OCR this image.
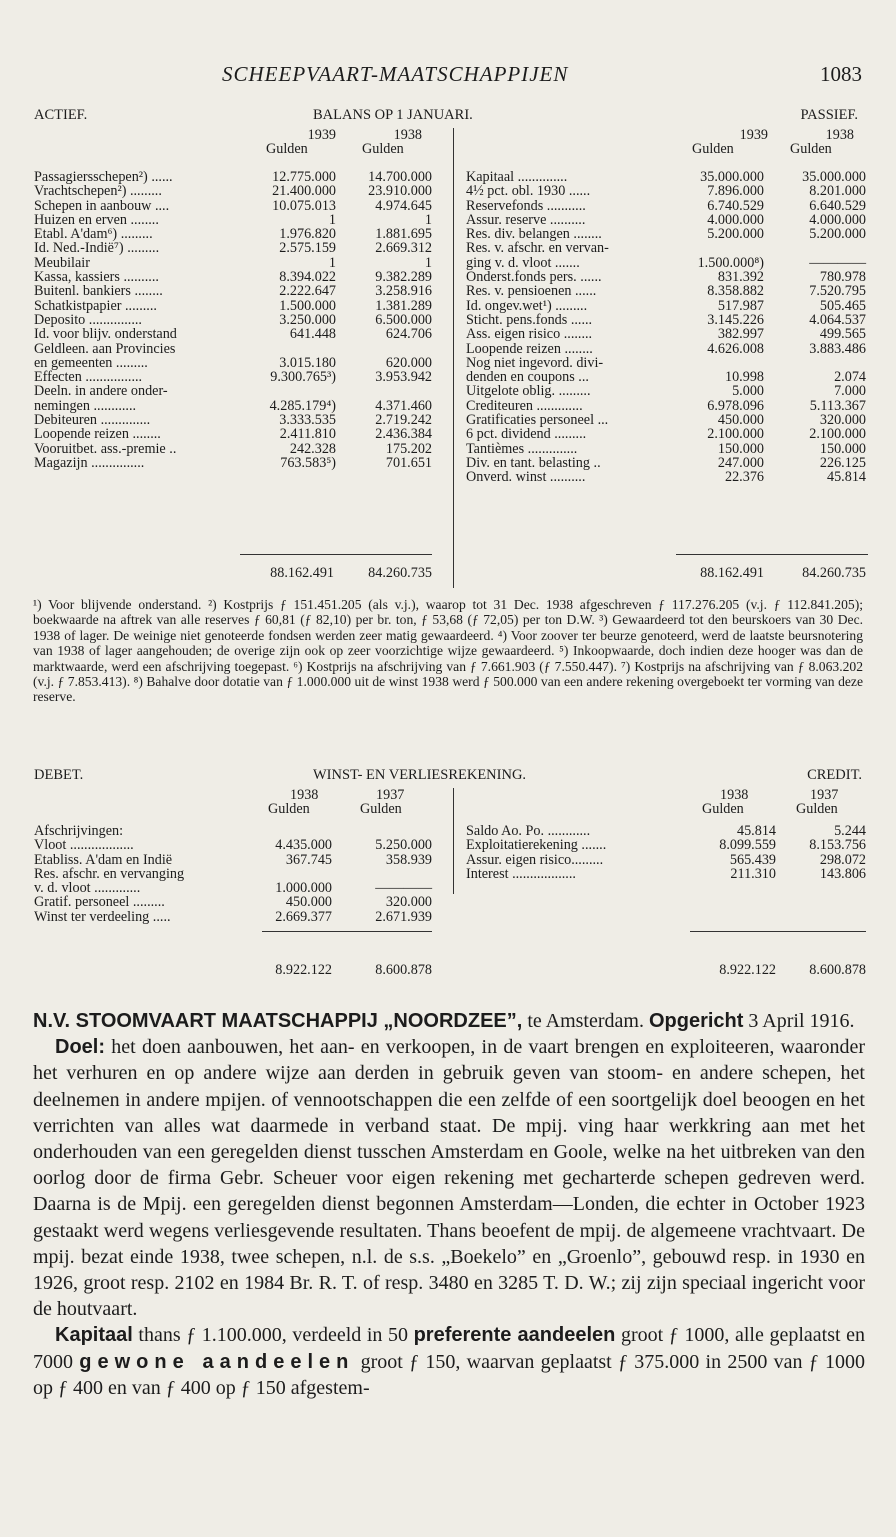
SCHEEPVAART-MAATSCHAPPIJEN	1083
ACTIEF.	BALANS OP 1 JANUARI.	PASSIEF.
1939	1938
Gulden	Gulden
1939	1938
Gulden	Gulden
Passagiersschepen²) ......	12.775.000	14.700.000
Vrachtschepen²) .........	21.400.000	23.910.000
Schepen in aanbouw ....	10.075.013	4.974.645
Huizen en erven ........	1	1
Etabl. A'dam⁶) .........	1.976.820	1.881.695
Id. Ned.-Indië⁷) .........	2.575.159	2.669.312
Meubilair	1	1
Kassa, kassiers ..........	8.394.022	9.382.289
Buitenl. bankiers ........	2.222.647	3.258.916
Schatkistpapier .........	1.500.000	1.381.289
Deposito ...............	3.250.000	6.500.000
Id. voor blijv. onderstand	641.448	624.706
Geldleen. aan Provincies
en gemeenten .........	3.015.180	620.000
Effecten ................	9.300.765³)	3.953.942
Deeln. in andere onder-
nemingen ............	4.285.179⁴)	4.371.460
Debiteuren ..............	3.333.535	2.719.242
Loopende reizen ........	2.411.810	2.436.384
Vooruitbet. ass.-premie ..	242.328	175.202
Magazijn ...............	763.583⁵)	701.651
Kapitaal ..............	35.000.000	35.000.000
4½ pct. obl. 1930 ......	7.896.000	8.201.000
Reservefonds ...........	6.740.529	6.640.529
Assur. reserve ..........	4.000.000	4.000.000
Res. div. belangen ........	5.200.000	5.200.000
Res. v. afschr. en vervan-
ging v. d. vloot .......	1.500.000⁸)	————
Onderst.fonds pers. ......	831.392	780.978
Res. v. pensioenen ......	8.358.882	7.520.795
Id. ongev.wet¹) .........	517.987	505.465
Sticht. pens.fonds ......	3.145.226	4.064.537
Ass. eigen risico ........	382.997	499.565
Loopende reizen ........	4.626.008	3.883.486
Nog niet ingevord. divi-
denden en coupons ...	10.998	2.074
Uitgelote oblig. .........	5.000	7.000
Crediteuren .............	6.978.096	5.113.367
Gratificaties personeel ...	450.000	320.000
6 pct. dividend .........	2.100.000	2.100.000
Tantièmes ..............	150.000	150.000
Div. en tant. belasting ..	247.000	226.125
Onverd. winst ..........	22.376	45.814
88.162.491	84.260.735	88.162.491	84.260.735

¹) Voor blijvende onderstand. ²) Kostprijs ƒ 151.451.205 (als v.j.), waarop tot 31 Dec. 1938 afgeschreven ƒ 117.276.205 (v.j. ƒ 112.841.205); boekwaarde na aftrek van alle reserves ƒ 60,81 (ƒ 82,10) per br. ton, ƒ 53,68 (ƒ 72,05) per ton D.W. ³) Gewaardeerd tot den beurskoers van 30 Dec. 1938 of lager. De weinige niet genoteerde fondsen werden zeer matig gewaardeerd. ⁴) Voor zoover ter beurze genoteerd, werd de laatste beursnotering van 1938 of lager aangehouden; de overige zijn ook op zeer voorzichtige wijze gewaardeerd. ⁵) Inkoopwaarde, doch indien deze hooger was dan de marktwaarde, werd een afschrijving toegepast. ⁶) Kostprijs na afschrijving van ƒ 7.661.903 (ƒ 7.550.447). ⁷) Kostprijs na afschrijving van ƒ 8.063.202 (v.j. ƒ 7.853.413). ⁸) Bahalve door dotatie van ƒ 1.000.000 uit de winst 1938 werd ƒ 500.000 van een andere rekening overgeboekt ter vorming van deze reserve.

DEBET.	WINST- EN VERLIESREKENING.	CREDIT.
1938	1937
Gulden	Gulden
1938	1937
Gulden	Gulden
Afschrijvingen:
Vloot ..................	4.435.000	5.250.000
Etabliss. A'dam en Indië	367.745	358.939
Res. afschr. en vervanging
v. d. vloot .............	1.000.000	————
Gratif. personeel .........	450.000	320.000
Winst ter verdeeling .....	2.669.377	2.671.939
Saldo Ao. Po. ............	45.814	5.244
Exploitatierekening .......	8.099.559	8.153.756
Assur. eigen risico.........	565.439	298.072
Interest ..................	211.310	143.806
8.922.122	8.600.878	8.922.122	8.600.878

N.V. STOOMVAART MAATSCHAPPIJ „NOORDZEE”, te Amsterdam. Opgericht 3 April 1916.

Doel: het doen aanbouwen, het aan- en verkoopen, in de vaart brengen en exploiteeren, waaronder het verhuren en op andere wijze aan derden in gebruik geven van stoom- en andere schepen, het deelnemen in andere mpijen. of vennootschappen die een zelfde of een soortgelijk doel beoogen en het verrichten van alles wat daarmede in verband staat. De mpij. ving haar werkkring aan met het onderhouden van een geregelden dienst tusschen Amsterdam en Goole, welke na het uitbreken van den oorlog door de firma Gebr. Scheuer voor eigen rekening met gecharterde schepen gedreven werd. Daarna is de Mpij. een geregelden dienst begonnen Amsterdam—Londen, die echter in October 1923 gestaakt werd wegens verliesgevende resultaten. Thans beoefent de mpij. de algemeene vrachtvaart. De mpij. bezat einde 1938, twee schepen, n.l. de s.s. „Boekelo” en „Groenlo”, gebouwd resp. in 1930 en 1926, groot resp. 2102 en 1984 Br. R. T. of resp. 3480 en 3285 T. D. W.; zij zijn speciaal ingericht voor de houtvaart.

Kapitaal thans ƒ 1.100.000, verdeeld in 50 preferente aandeelen groot ƒ 1000, alle geplaatst en 7000 gewone aandeelen groot ƒ 150, waarvan geplaatst ƒ 375.000 in 2500 van ƒ 1000 op ƒ 400 en van ƒ 400 op ƒ 150 afgestem-
